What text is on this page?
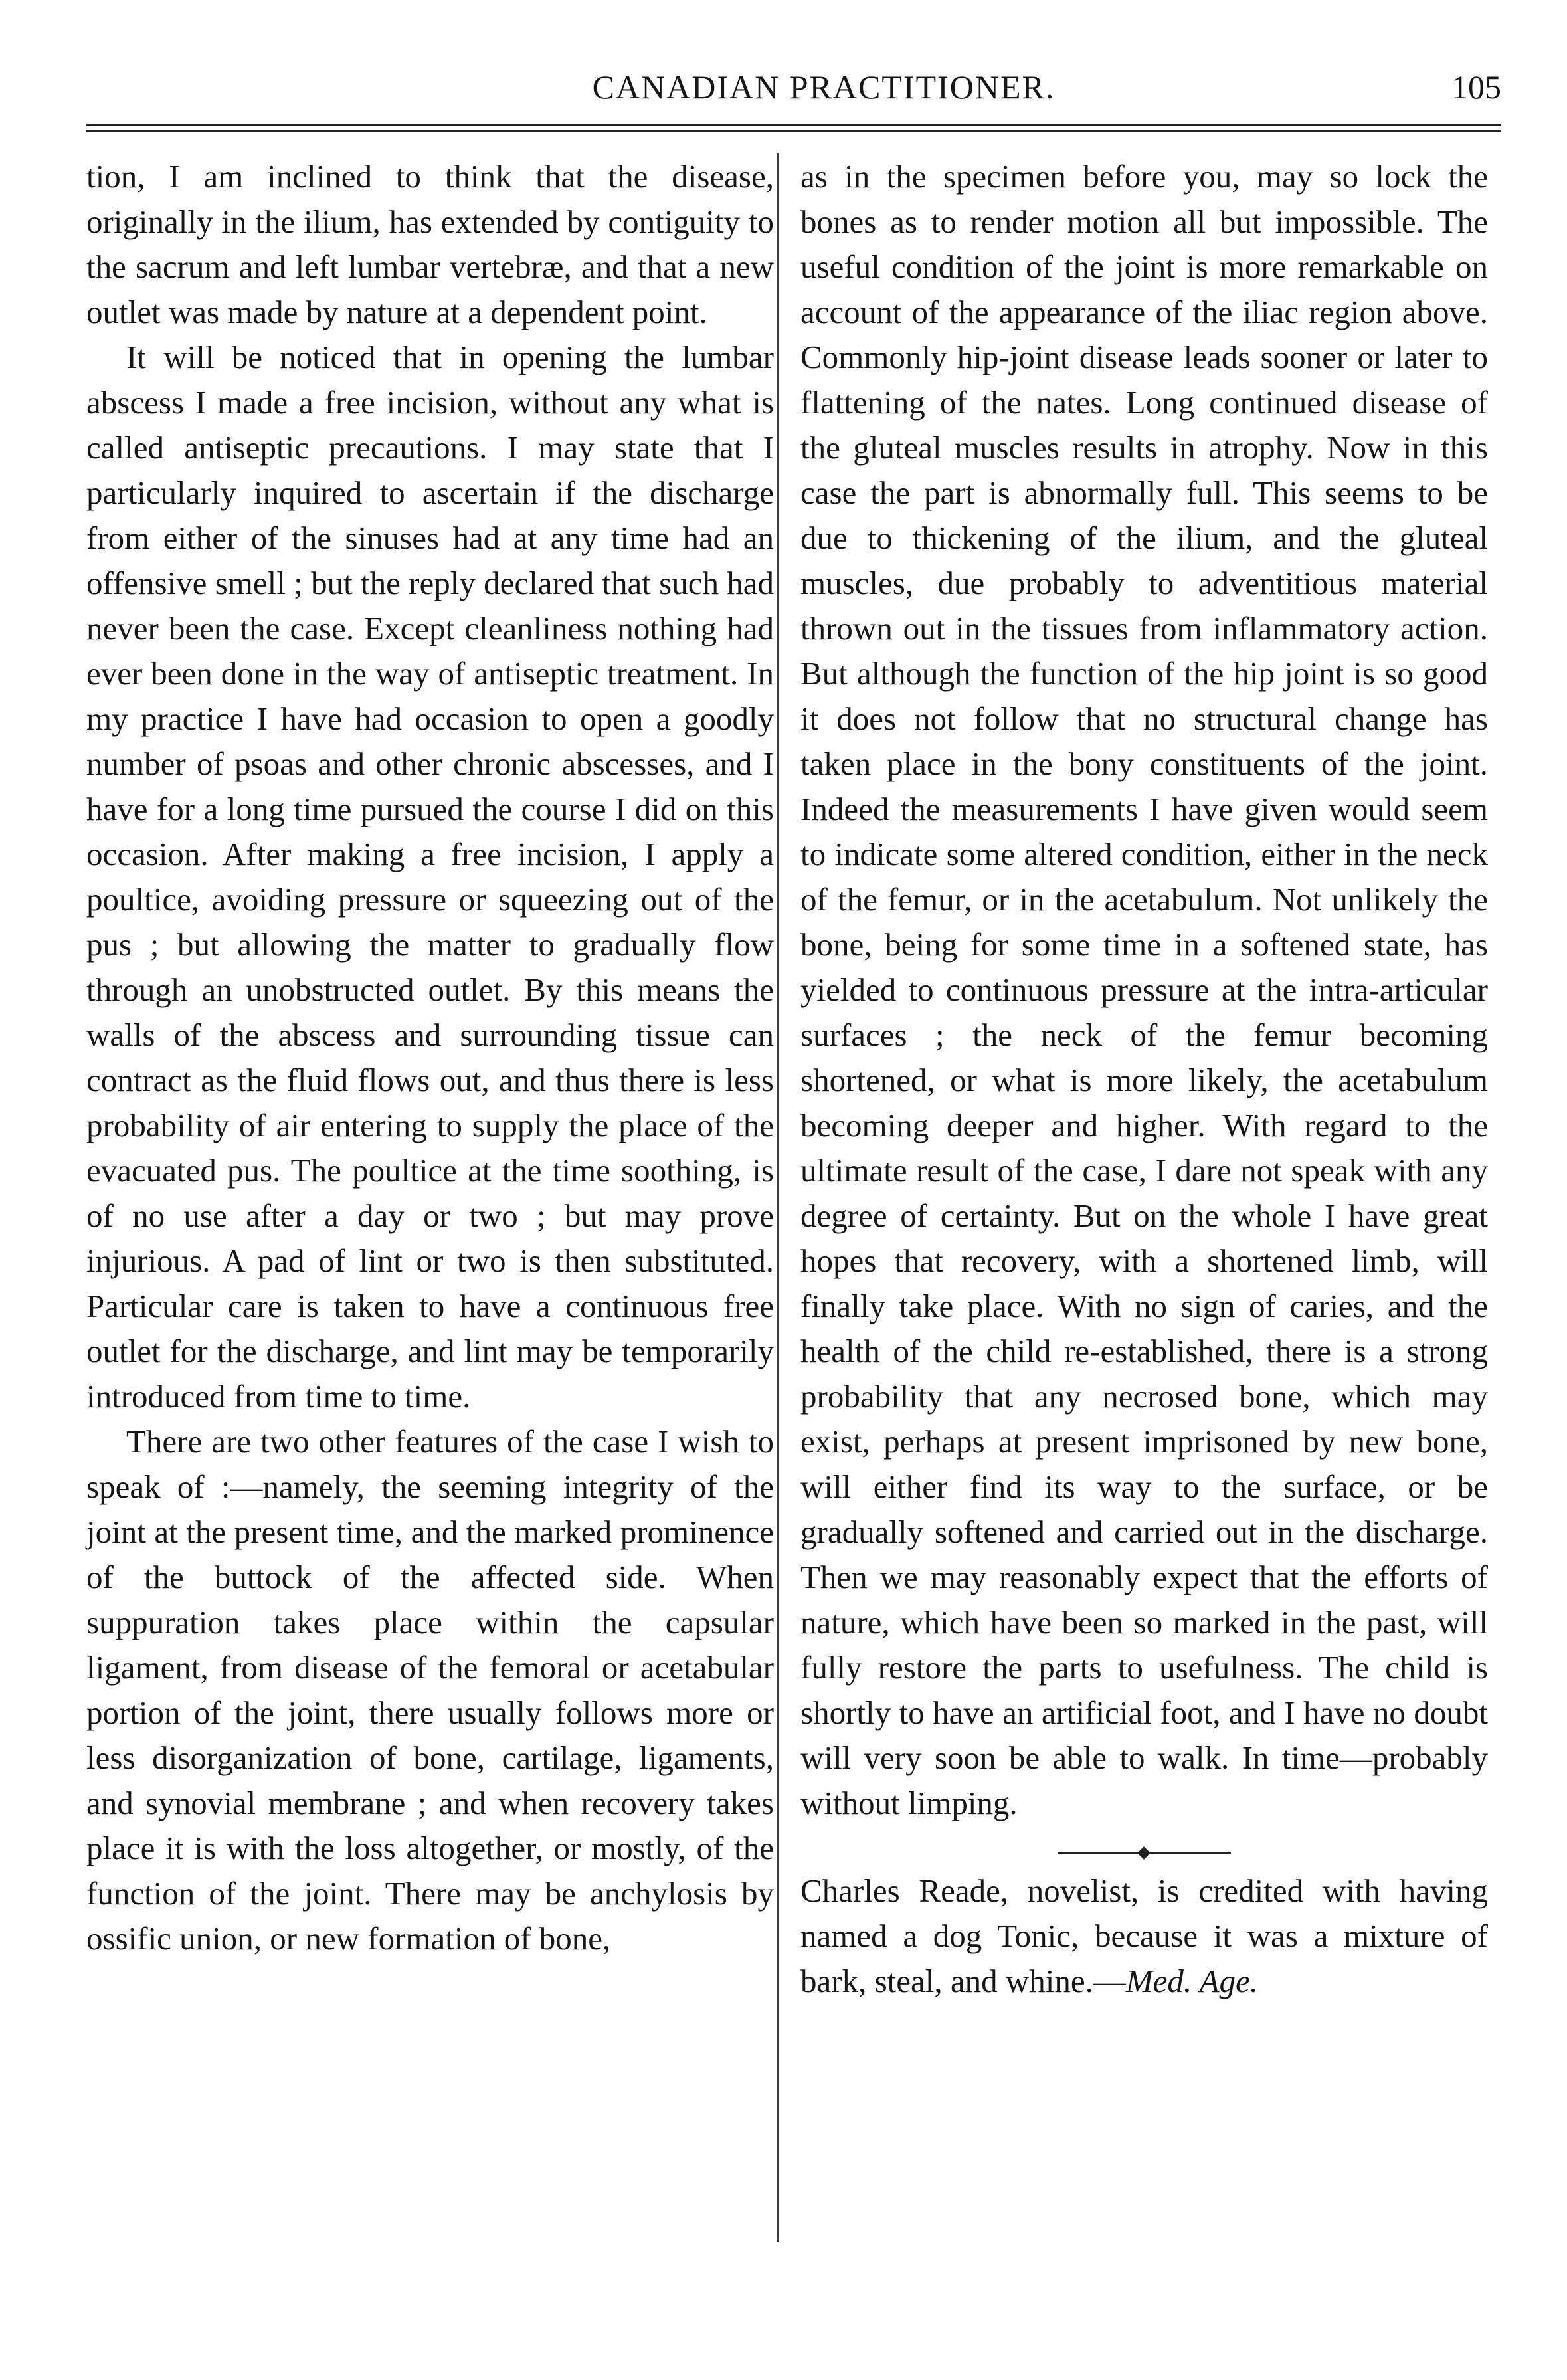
CANADIAN PRACTITIONER.	105

tion, I am inclined to think that the disease, originally in the ilium, has extended by contiguity to the sacrum and left lumbar vertebræ, and that a new outlet was made by nature at a dependent point.

It will be noticed that in opening the lumbar abscess I made a free incision, without any what is called antiseptic precautions. I may state that I particularly inquired to ascertain if the discharge from either of the sinuses had at any time had an offensive smell ; but the reply declared that such had never been the case. Except cleanliness nothing had ever been done in the way of antiseptic treatment. In my practice I have had occasion to open a goodly number of psoas and other chronic abscesses, and I have for a long time pursued the course I did on this occasion. After making a free incision, I apply a poultice, avoiding pressure or squeezing out of the pus ; but allowing the matter to gradually flow through an unobstructed outlet. By this means the walls of the abscess and surrounding tissue can contract as the fluid flows out, and thus there is less probability of air entering to supply the place of the evacuated pus. The poultice at the time soothing, is of no use after a day or two ; but may prove injurious. A pad of lint or two is then substituted. Particular care is taken to have a continuous free outlet for the discharge, and lint may be temporarily introduced from time to time.

There are two other features of the case I wish to speak of :—namely, the seeming integrity of the joint at the present time, and the marked prominence of the buttock of the affected side. When suppuration takes place within the capsular ligament, from disease of the femoral or acetabular portion of the joint, there usually follows more or less disorganization of bone, cartilage, ligaments, and synovial membrane ; and when recovery takes place it is with the loss altogether, or mostly, of the function of the joint. There may be anchylosis by ossific union, or new formation of bone,

as in the specimen before you, may so lock the bones as to render motion all but impossible. The useful condition of the joint is more remarkable on account of the appearance of the iliac region above. Commonly hip-joint disease leads sooner or later to flattening of the nates. Long continued disease of the gluteal muscles results in atrophy. Now in this case the part is abnormally full. This seems to be due to thickening of the ilium, and the gluteal muscles, due probably to adventitious material thrown out in the tissues from inflammatory action. But although the function of the hip joint is so good it does not follow that no structural change has taken place in the bony constituents of the joint. Indeed the measurements I have given would seem to indicate some altered condition, either in the neck of the femur, or in the acetabulum. Not unlikely the bone, being for some time in a softened state, has yielded to continuous pressure at the intra-articular surfaces ; the neck of the femur becoming shortened, or what is more likely, the acetabulum becoming deeper and higher. With regard to the ultimate result of the case, I dare not speak with any degree of certainty. But on the whole I have great hopes that recovery, with a shortened limb, will finally take place. With no sign of caries, and the health of the child re-established, there is a strong probability that any necrosed bone, which may exist, perhaps at present imprisoned by new bone, will either find its way to the surface, or be gradually softened and carried out in the discharge. Then we may reasonably expect that the efforts of nature, which have been so marked in the past, will fully restore the parts to usefulness. The child is shortly to have an artificial foot, and I have no doubt will very soon be able to walk. In time—probably without limping.

Charles Reade, novelist, is credited with having named a dog Tonic, because it was a mixture of bark, steal, and whine.—Med. Age.
